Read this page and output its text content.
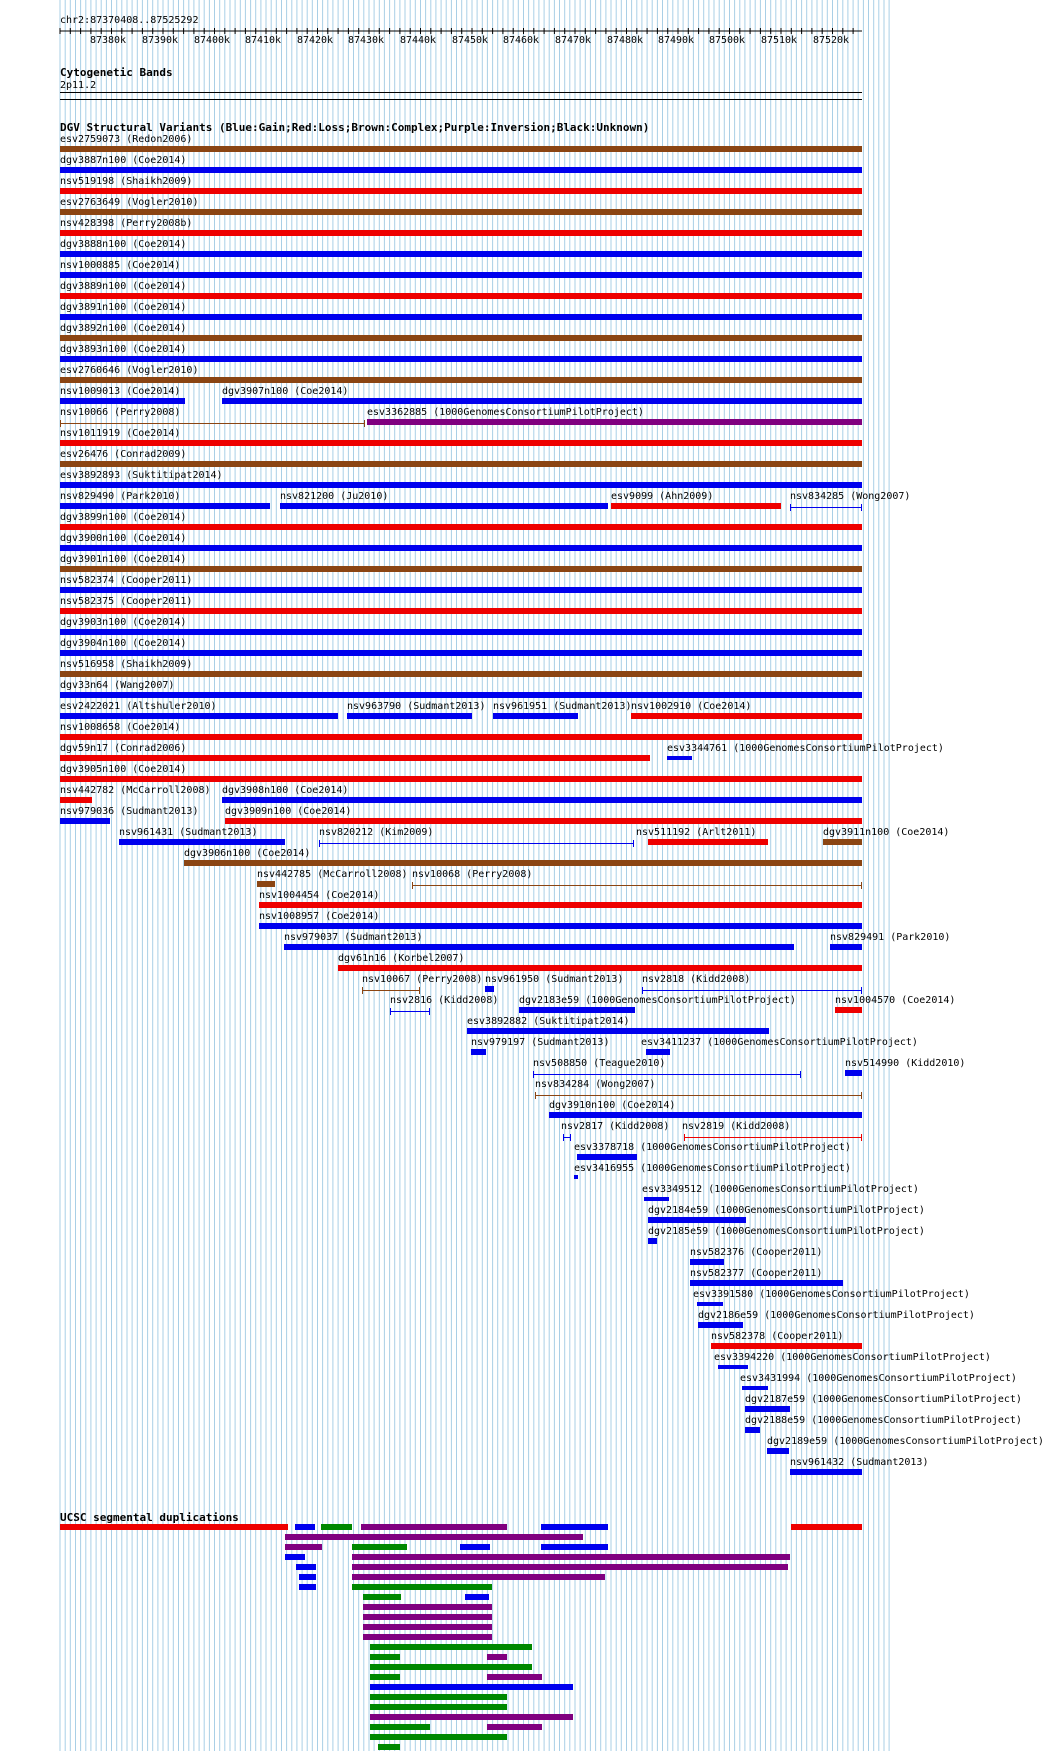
chr2:87370408..87525292
Cytogenetic Bands
2p11.2
DGV Structural Variants (Blue:Gain;Red:Loss;Brown:Complex;Purple:Inversion;Black:Unknown)
UCSC segmental duplications
87380k 87390k 87400k 87410k 87420k 87430k 87440k 87450k 87460k 87470k 87480k 87490k 87500k 87510k 87520k
esv2759073 (Redon2006)
dgv3887n100 (Coe2014)
nsv519198 (Shaikh2009)
esv2763649 (Vogler2010)
nsv428398 (Perry2008b)
dgv3888n100 (Coe2014)
nsv1000885 (Coe2014)
dgv3889n100 (Coe2014)
dgv3891n100 (Coe2014)
dgv3892n100 (Coe2014)
dgv3893n100 (Coe2014)
esv2760646 (Vogler2010)
nsv1009013 (Coe2014)	dgv3907n100 (Coe2014)
nsv10066 (Perry2008)	esv3362885 (1000GenomesConsortiumPilotProject)
nsv1011919 (Coe2014)
esv26476 (Conrad2009)
esv3892893 (Suktitipat2014)
nsv829490 (Park2010)	nsv821200 (Ju2010)	esv9099 (Ahn2009)	nsv834285 (Wong2007)
dgv3899n100 (Coe2014)
dgv3900n100 (Coe2014)
dgv3901n100 (Coe2014)
nsv582374 (Cooper2011)
nsv582375 (Cooper2011)
dgv3903n100 (Coe2014)
dgv3904n100 (Coe2014)
nsv516958 (Shaikh2009)
dgv33n64 (Wang2007)
esv2422021 (Altshuler2010)	nsv963790 (Sudmant2013) nsv961951 (Sudmant2013) nsv1002910 (Coe2014)
nsv1008658 (Coe2014)
dgv59n17 (Conrad2006)	esv3344761 (1000GenomesConsortiumPilotProject)
dgv3905n100 (Coe2014)
nsv442782 (McCarroll2008) dgv3908n100 (Coe2014)
nsv979036 (Sudmant2013)	dgv3909n100 (Coe2014)
nsv961431 (Sudmant2013)	nsv820212 (Kim2009)	nsv511192 (Arlt2011)	dgv3911n100 (Coe2014)
dgv3906n100 (Coe2014)
nsv442785 (McCarroll2008) nsv10068 (Perry2008)
nsv1004454 (Coe2014)
nsv1008957 (Coe2014)
nsv979037 (Sudmant2013)	nsv829491 (Park2010)
dgv61n16 (Korbel2007)
nsv10067 (Perry2008) nsv961950 (Sudmant2013) nsv2818 (Kidd2008)
nsv2816 (Kidd2008) dgv2183e59 (1000GenomesConsortiumPilotProject)	nsv1004570 (Coe2014)
esv3892882 (Suktitipat2014)
nsv979197 (Sudmant2013)	esv3411237 (1000GenomesConsortiumPilotProject)
nsv508850 (Teague2010)	nsv514990 (Kidd2010)
nsv834284 (Wong2007)
dgv3910n100 (Coe2014)
nsv2817 (Kidd2008) nsv2819 (Kidd2008)
esv3378718 (1000GenomesConsortiumPilotProject)
esv3416955 (1000GenomesConsortiumPilotProject)
esv3349512 (1000GenomesConsortiumPilotProject)
dgv2184e59 (1000GenomesConsortiumPilotProject)
dgv2185e59 (1000GenomesConsortiumPilotProject)
nsv582376 (Cooper2011)
nsv582377 (Cooper2011)
esv3391580 (1000GenomesConsortiumPilotProject)
dgv2186e59 (1000GenomesConsortiumPilotProject)
nsv582378 (Cooper2011)
esv3394220 (1000GenomesConsortiumPilotProject)
esv3431994 (1000GenomesConsortiumPilotProject)
dgv2187e59 (1000GenomesConsortiumPilotProject)
dgv2188e59 (1000GenomesConsortiumPilotProject)
dgv2189e59 (1000GenomesConsortiumPilotProject)
nsv961432 (Sudmant2013)
